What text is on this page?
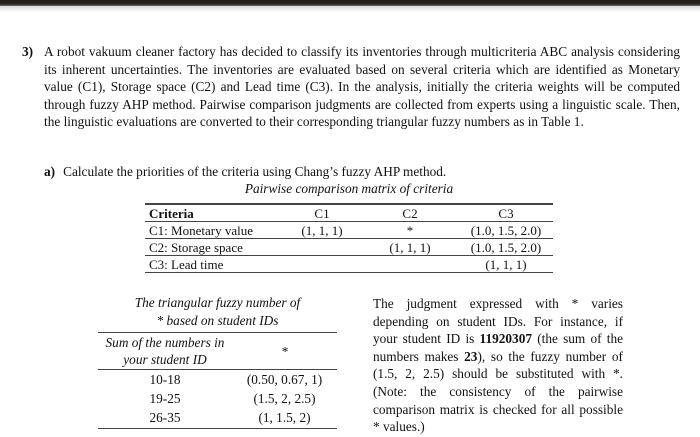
3) A robot vakuum cleaner factory has decided to classify its inventories through multicriteria ABC analysis considering its inherent uncertainties. The inventories are evaluated based on several criteria which are identified as Monetary value (C1), Storage space (C2) and Lead time (C3). In the analysis, initially the criteria weights will be computed through fuzzy AHP method. Pairwise comparison judgments are collected from experts using a linguistic scale. Then, the linguistic evaluations are converted to their corresponding triangular fuzzy numbers as in Table 1.

a) Calculate the priorities of the criteria using Chang’s fuzzy AHP method.
Pairwise comparison matrix of criteria
Criteria	C1	C2	C3
C1: Monetary value	(1, 1, 1)	*	(1.0, 1.5, 2.0)
C2: Storage space		(1, 1, 1)	(1.0, 1.5, 2.0)
C3: Lead time			(1, 1, 1)
The triangular fuzzy number of
* based on student IDs
Sum of the numbers in
your student ID	*
10-18	(0.50, 0.67, 1)
19-25	(1.5, 2, 2.5)
26-35	(1, 1.5, 2)
The judgment expressed with * varies depending on student IDs. For instance, if your student ID is 11920307 (the sum of the numbers makes 23), so the fuzzy number of (1.5, 2, 2.5) should be substituted with *. (Note: the consistency of the pairwise comparison matrix is checked for all possible * values.)
